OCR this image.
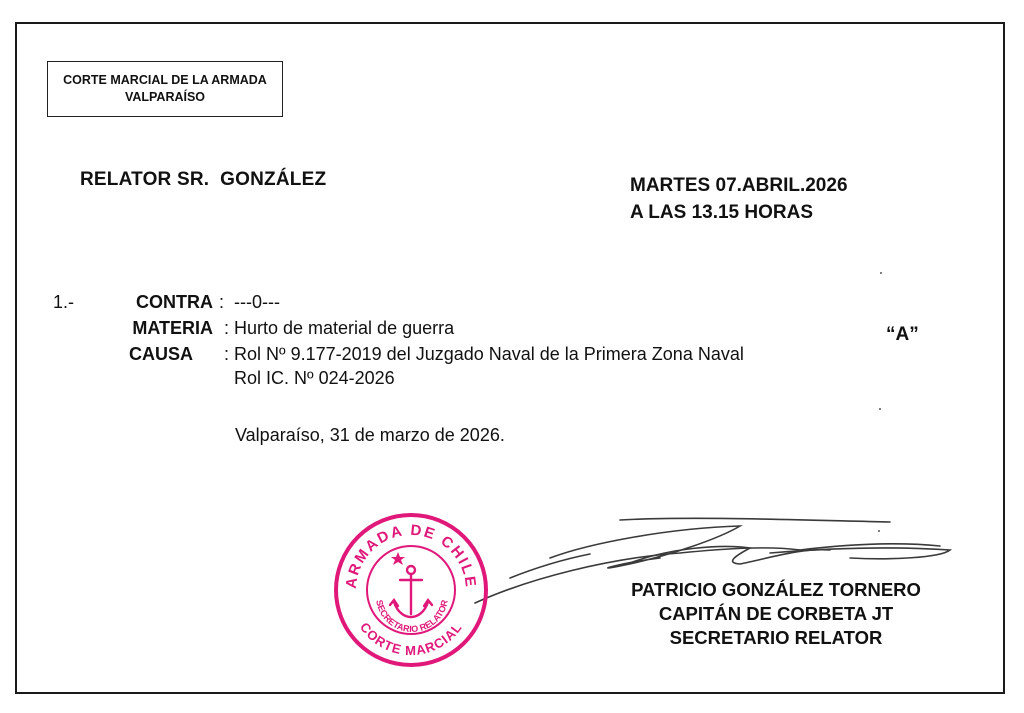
CORTE MARCIAL DE LA ARMADA
VALPARAÍSO
RELATOR SR.  GONZÁLEZ	MARTES 07.ABRIL.2026
A LAS 13.15 HORAS
1.-	CONTRA : ---0---
MATERIA : Hurto de material de guerra
CAUSA : Rol Nº 9.177-2019 del Juzgado Naval de la Primera Zona Naval
Rol IC. Nº 024-2026
“A”
Valparaíso, 31 de marzo de 2026.
ARMADA DE CHILE
SECRETARIO RELATOR
CORTE MARCIAL
PATRICIO GONZÁLEZ TORNERO
CAPITÁN DE CORBETA JT
SECRETARIO RELATOR
